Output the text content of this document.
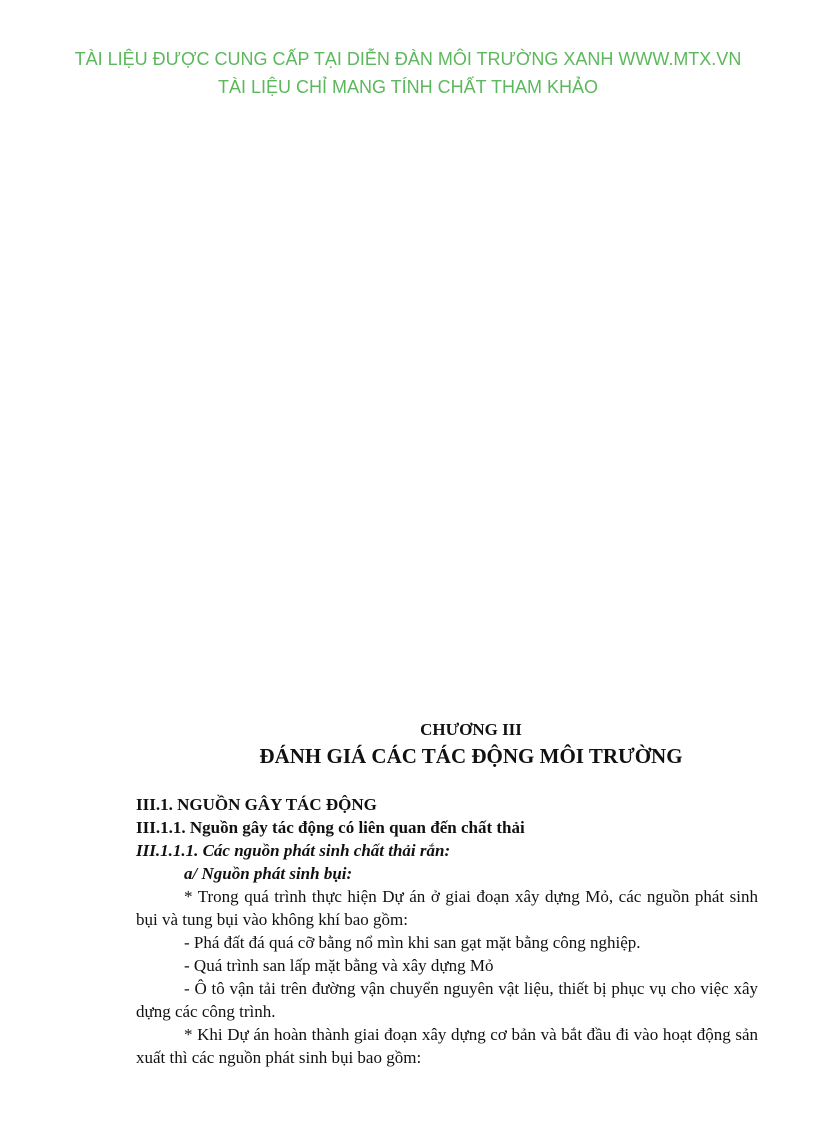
TÀI LIỆU ĐƯỢC CUNG CẤP TẠI DIỄN ĐÀN MÔI TRƯỜNG XANH WWW.MTX.VN
TÀI LIỆU CHỈ MANG TÍNH CHẤT THAM KHẢO
CHƯƠNG III
ĐÁNH GIÁ CÁC TÁC ĐỘNG MÔI TRƯỜNG
III.1. NGUỒN GÂY TÁC ĐỘNG
III.1.1. Nguồn gây tác động có liên quan đến chất thải
III.1.1.1. Các nguồn phát sinh chất thải rắn:
a/ Nguồn phát sinh bụi:
* Trong quá trình thực hiện Dự án ở giai đoạn xây dựng Mỏ, các nguồn phát sinh bụi và tung bụi vào không khí bao gồm:
- Phá đất đá quá cỡ bằng nổ mìn khi san gạt mặt bằng công nghiệp.
- Quá trình san lấp mặt bằng và xây dựng Mỏ
- Ô tô vận tải trên đường vận chuyển nguyên vật liệu, thiết bị phục vụ cho việc xây dựng các công trình.
* Khi Dự án hoàn thành giai đoạn xây dựng cơ bản và bắt đầu đi vào hoạt động sản xuất thì các nguồn phát sinh bụi bao gồm:
